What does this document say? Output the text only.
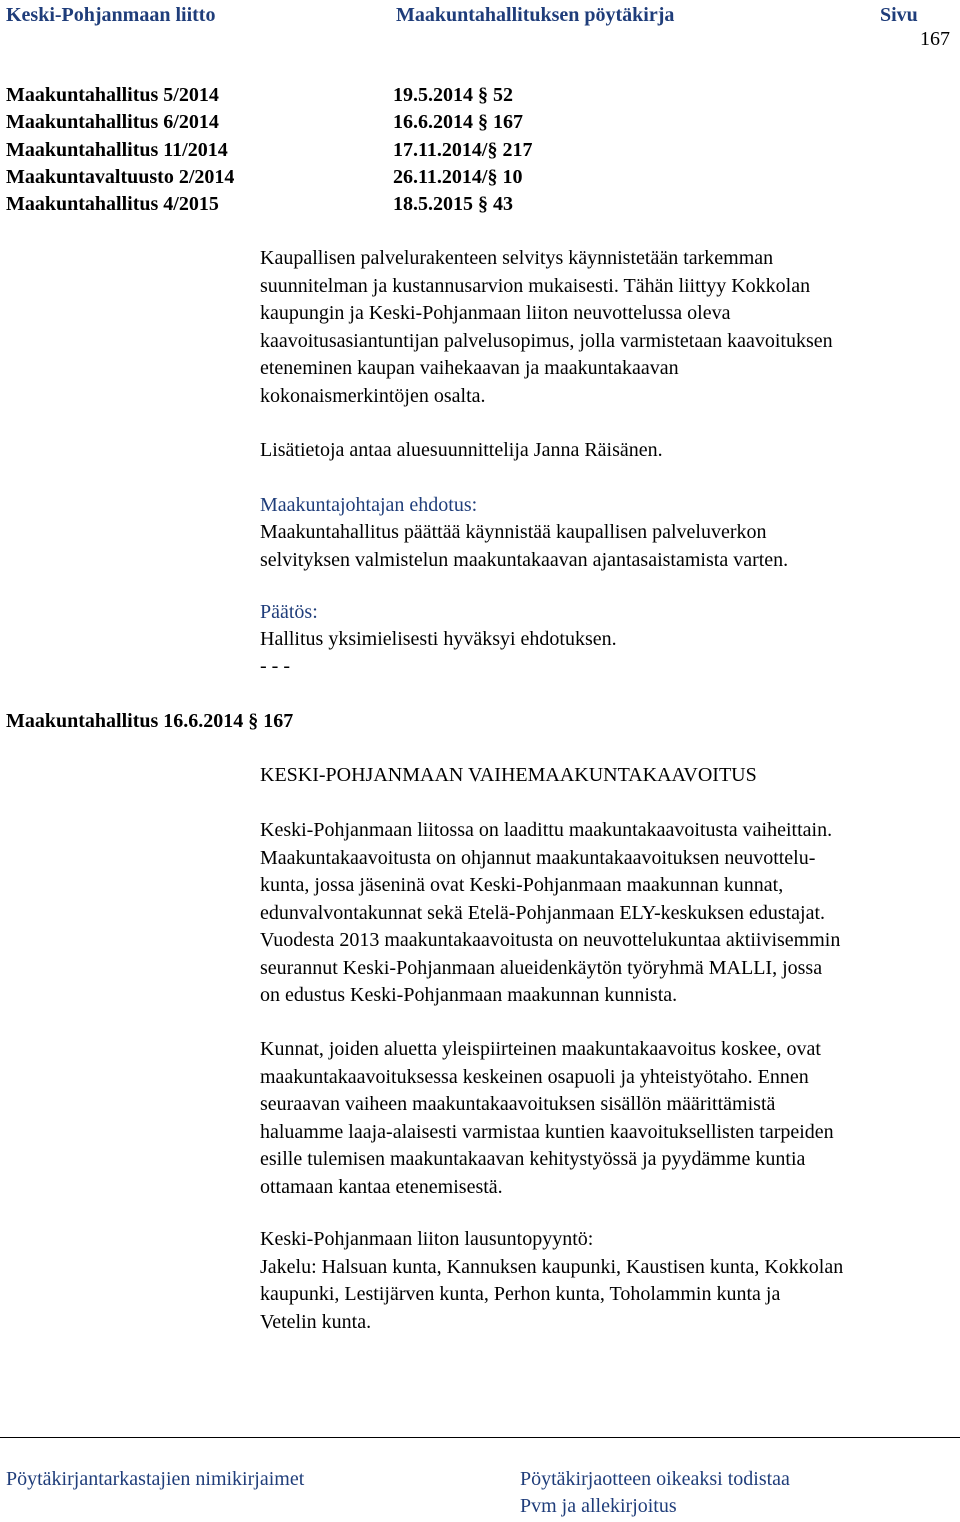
Keski-Pohjanmaan liitto	Maakuntahallituksen pöytäkirja	Sivu
167
Maakuntahallitus 5/2014	19.5.2014 § 52
Maakuntahallitus 6/2014	16.6.2014 § 167
Maakuntahallitus 11/2014	17.11.2014/§ 217
Maakuntavaltuusto 2/2014	26.11.2014/§ 10
Maakuntahallitus 4/2015	18.5.2015 § 43
Kaupallisen palvelurakenteen selvitys käynnistetään tarkemman
suunnitelman ja kustannusarvion mukaisesti. Tähän liittyy Kokkolan
kaupungin ja Keski-Pohjanmaan liiton neuvottelussa oleva
kaavoitusasiantuntijan palvelusopimus, jolla varmistetaan kaavoituksen
eteneminen kaupan vaihekaavan ja maakuntakaavan
kokonaismerkintöjen osalta.
Lisätietoja antaa aluesuunnittelija Janna Räisänen.
Maakuntajohtajan ehdotus:
Maakuntahallitus päättää käynnistää kaupallisen palveluverkon
selvityksen valmistelun maakuntakaavan ajantasaistamista varten.
Päätös:
Hallitus yksimielisesti hyväksyi ehdotuksen.
- - -
Maakuntahallitus 16.6.2014 § 167
KESKI-POHJANMAAN VAIHEMAAKUNTAKAAVOITUS
Keski-Pohjanmaan liitossa on laadittu maakuntakaavoitusta vaiheittain.
Maakuntakaavoitusta on ohjannut maakuntakaavoituksen neuvottelu-
kunta, jossa jäseninä ovat Keski-Pohjanmaan maakunnan kunnat,
edunvalvontakunnat sekä Etelä-Pohjanmaan ELY-keskuksen edustajat.
Vuodesta 2013 maakuntakaavoitusta on neuvottelukuntaa aktiivisemmin
seurannut Keski-Pohjanmaan alueidenkäytön työryhmä MALLI, jossa
on edustus Keski-Pohjanmaan maakunnan kunnista.
Kunnat, joiden aluetta yleispiirteinen maakuntakaavoitus koskee, ovat
maakuntakaavoituksessa keskeinen osapuoli ja yhteistyötaho. Ennen
seuraavan vaiheen maakuntakaavoituksen sisällön määrittämistä
haluamme laaja-alaisesti varmistaa kuntien kaavoituksellisten tarpeiden
esille tulemisen maakuntakaavan kehitystyössä ja pyydämme kuntia
ottamaan kantaa etenemisestä.
Keski-Pohjanmaan liiton lausuntopyyntö:
Jakelu: Halsuan kunta, Kannuksen kaupunki, Kaustisen kunta, Kokkolan
kaupunki, Lestijärven kunta, Perhon kunta, Toholammin kunta ja
Vetelin kunta.
Pöytäkirjantarkastajien nimikirjaimet	Pöytäkirjaotteen oikeaksi todistaa
Pvm ja allekirjoitus
